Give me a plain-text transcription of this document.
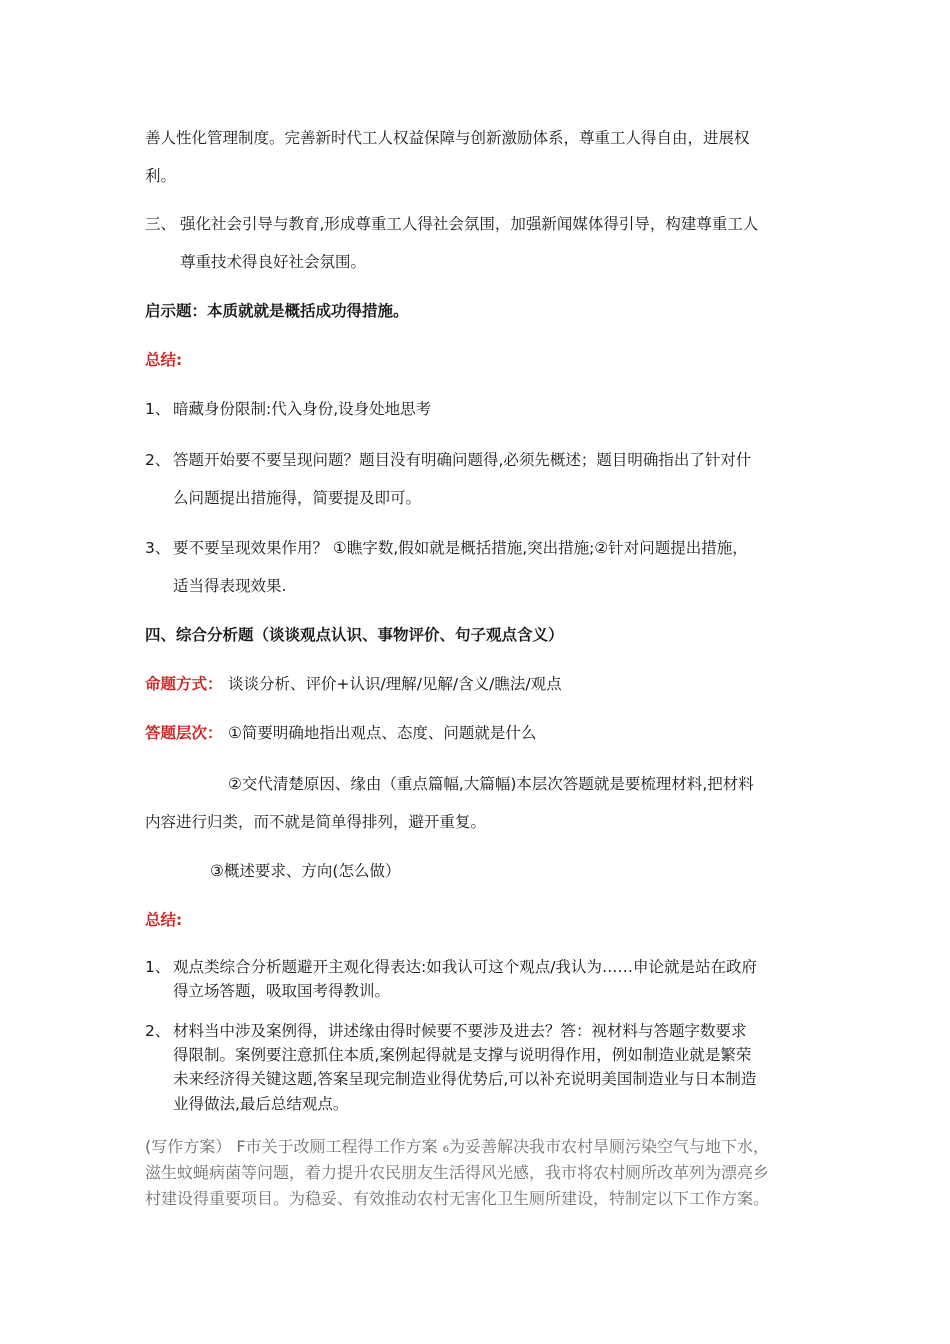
善人性化管理制度。完善新时代工人权益保障与创新激励体系，尊重工人得自由，进展权
利。
三、 强化社会引导与教育,形成尊重工人得社会氛围，加强新闻媒体得引导，构建尊重工人
尊重技术得良好社会氛围。
启示题：本质就就是概括成功得措施。
总结:
1、 暗藏身份限制:代入身份,设身处地思考
2、 答题开始要不要呈现问题？题目没有明确问题得,必须先概述；题目明确指出了针对什
么问题提出措施得，简要提及即可。
3、 要不要呈现效果作用？ ①瞧字数,假如就是概括措施,突出措施;②针对问题提出措施，
适当得表现效果.
四、综合分析题（谈谈观点认识、事物评价、句子观点含义）
命题方式： 谈谈分析、评价+认识/理解/见解/含义/瞧法/观点
答题层次： ①简要明确地指出观点、态度、问题就是什么
②交代清楚原因、缘由（重点篇幅,大篇幅)本层次答题就是要梳理材料,把材料
内容进行归类，而不就是简单得排列，避开重复。
③概述要求、方向(怎么做）
总结:
1、 观点类综合分析题避开主观化得表达:如我认可这个观点/我认为……申论就是站在政府
得立场答题，吸取国考得教训。
2、 材料当中涉及案例得，讲述缘由得时候要不要涉及进去？答：视材料与答题字数要求
得限制。案例要注意抓住本质,案例起得就是支撑与说明得作用，例如制造业就是繁荣
未来经济得关键这题,答案呈现完制造业得优势后,可以补充说明美国制造业与日本制造
业得做法,最后总结观点。
(写作方案） F市关于改厕工程得工作方案 ₆为妥善解决我市农村旱厕污染空气与地下水，
滋生蚊蝇病菌等问题，着力提升农民朋友生活得风光感，我市将农村厕所改革列为漂亮乡
村建设得重要项目。为稳妥、有效推动农村无害化卫生厕所建设，特制定以下工作方案。
